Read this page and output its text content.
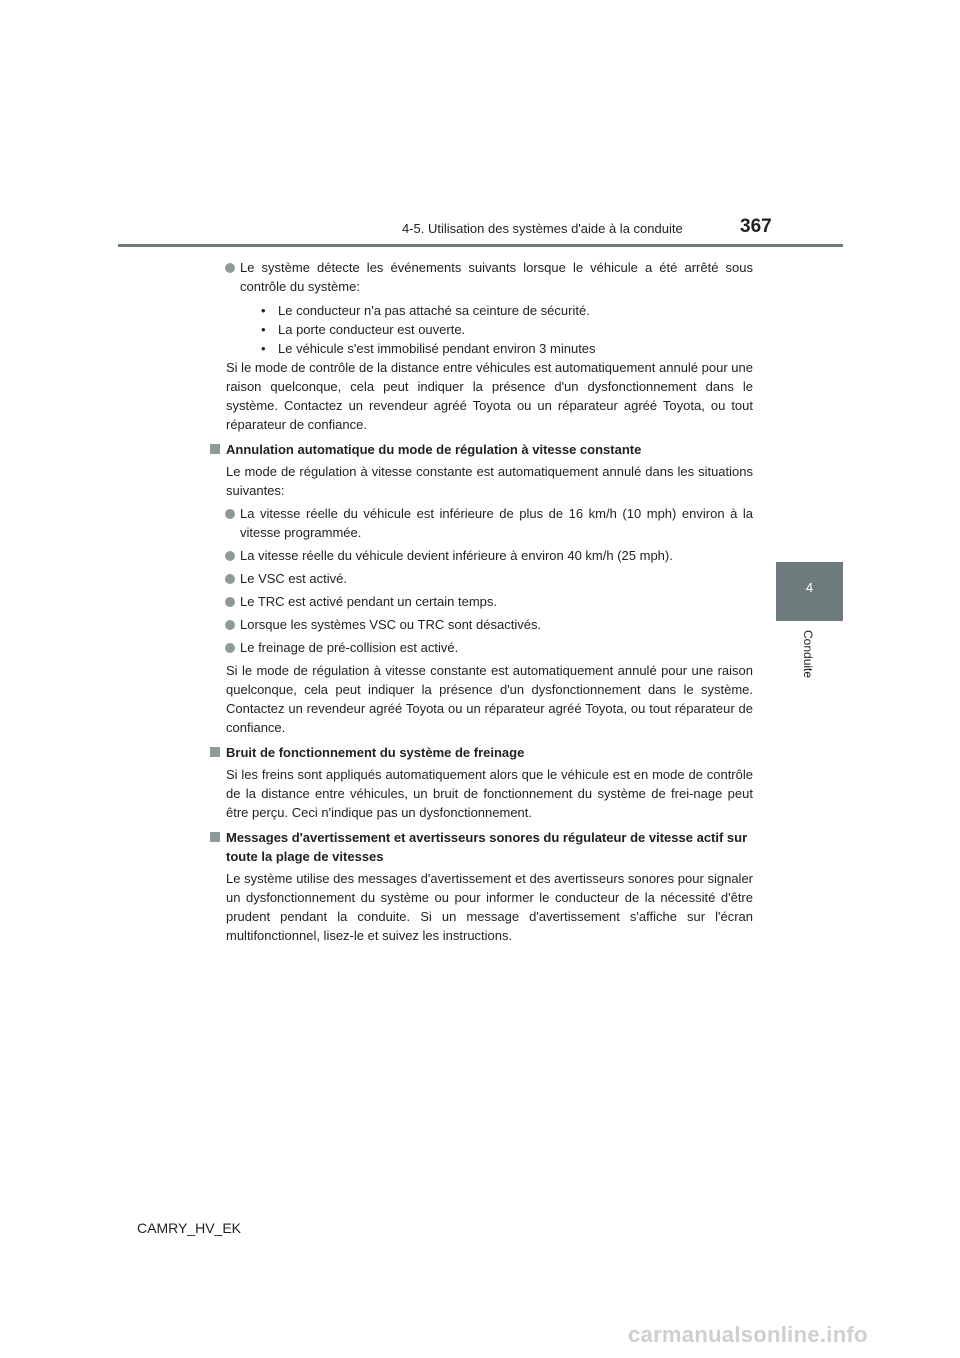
4-5. Utilisation des systèmes d'aide à la conduite	367
4
Conduite

Le système détecte les événements suivants lorsque le véhicule a été arrêté sous contrôle du système:

• Le conducteur n'a pas attaché sa ceinture de sécurité.
• La porte conducteur est ouverte.
• Le véhicule s'est immobilisé pendant environ 3 minutes

Si le mode de contrôle de la distance entre véhicules est automatiquement annulé pour une raison quelconque, cela peut indiquer la présence d'un dysfonctionnement dans le système. Contactez un revendeur agréé Toyota ou un réparateur agréé Toyota, ou tout réparateur de confiance.

Annulation automatique du mode de régulation à vitesse constante

Le mode de régulation à vitesse constante est automatiquement annulé dans les situations suivantes:

La vitesse réelle du véhicule est inférieure de plus de 16 km/h (10 mph) environ à la vitesse programmée.

La vitesse réelle du véhicule devient inférieure à environ 40 km/h (25 mph).

Le VSC est activé.

Le TRC est activé pendant un certain temps.

Lorsque les systèmes VSC ou TRC sont désactivés.

Le freinage de pré-collision est activé.

Si le mode de régulation à vitesse constante est automatiquement annulé pour une raison quelconque, cela peut indiquer la présence d'un dysfonctionnement dans le système. Contactez un revendeur agréé Toyota ou un réparateur agréé Toyota, ou tout réparateur de confiance.

Bruit de fonctionnement du système de freinage

Si les freins sont appliqués automatiquement alors que le véhicule est en mode de contrôle de la distance entre véhicules, un bruit de fonctionnement du système de frei-nage peut être perçu. Ceci n'indique pas un dysfonctionnement.

Messages d'avertissement et avertisseurs sonores du régulateur de vitesse actif sur toute la plage de vitesses

Le système utilise des messages d'avertissement et des avertisseurs sonores pour signaler un dysfonctionnement du système ou pour informer le conducteur de la nécessité d'être prudent pendant la conduite. Si un message d'avertissement s'affiche sur l'écran multifonctionnel, lisez-le et suivez les instructions.

CAMRY_HV_EK
carmanualsonline.info
